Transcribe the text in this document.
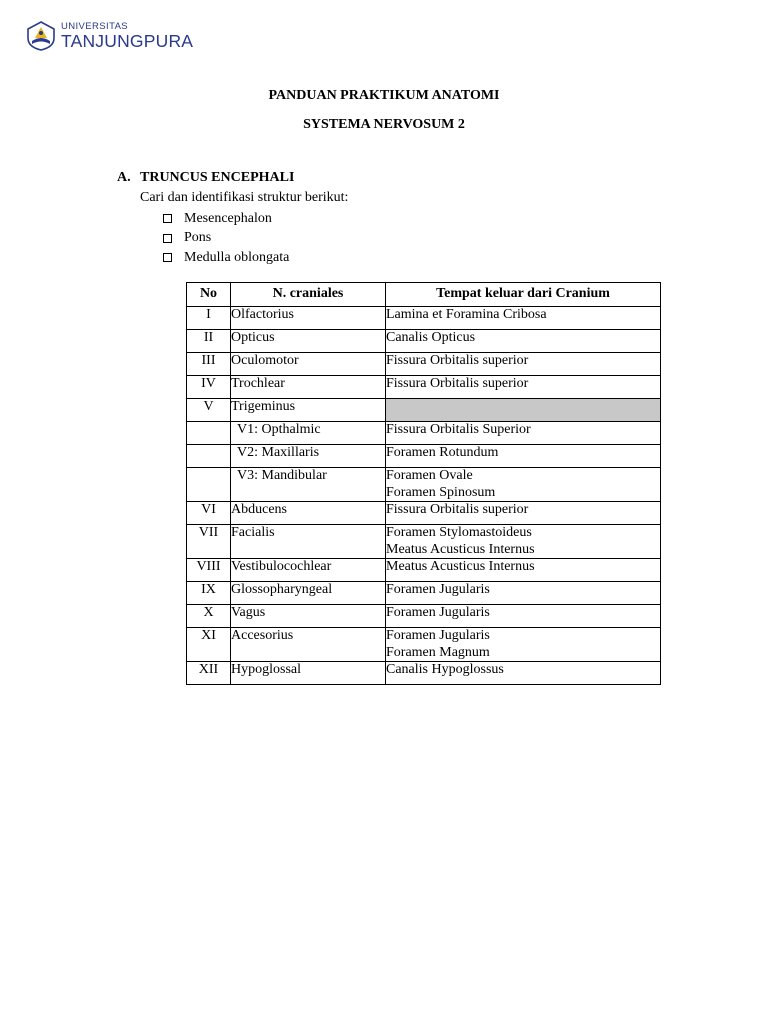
UNIVERSITAS
TANJUNGPURA
PANDUAN PRAKTIKUM ANATOMI
SYSTEMA NERVOSUM 2
A. TRUNCUS ENCEPHALI
Cari dan identifikasi struktur berikut:
Mesencephalon
Pons
Medulla oblongata
No	N. craniales	Tempat keluar dari Cranium
I	Olfactorius	Lamina et Foramina Cribosa
II	Opticus	Canalis Opticus
III	Oculomotor	Fissura Orbitalis superior
IV	Trochlear	Fissura Orbitalis superior
V	Trigeminus	
	V1: Opthalmic	Fissura Orbitalis Superior
	V2: Maxillaris	Foramen Rotundum
	V3: Mandibular	Foramen Ovale
Foramen Spinosum

VI	Abducens	Fissura Orbitalis superior
VII	Facialis	Foramen Stylomastoideus
Meatus Acusticus Internus

VIII	Vestibulocochlear	Meatus Acusticus Internus
IX	Glossopharyngeal	Foramen Jugularis
X	Vagus	Foramen Jugularis
XI	Accesorius	Foramen Jugularis
Foramen Magnum

XII	Hypoglossal	Canalis Hypoglossus
